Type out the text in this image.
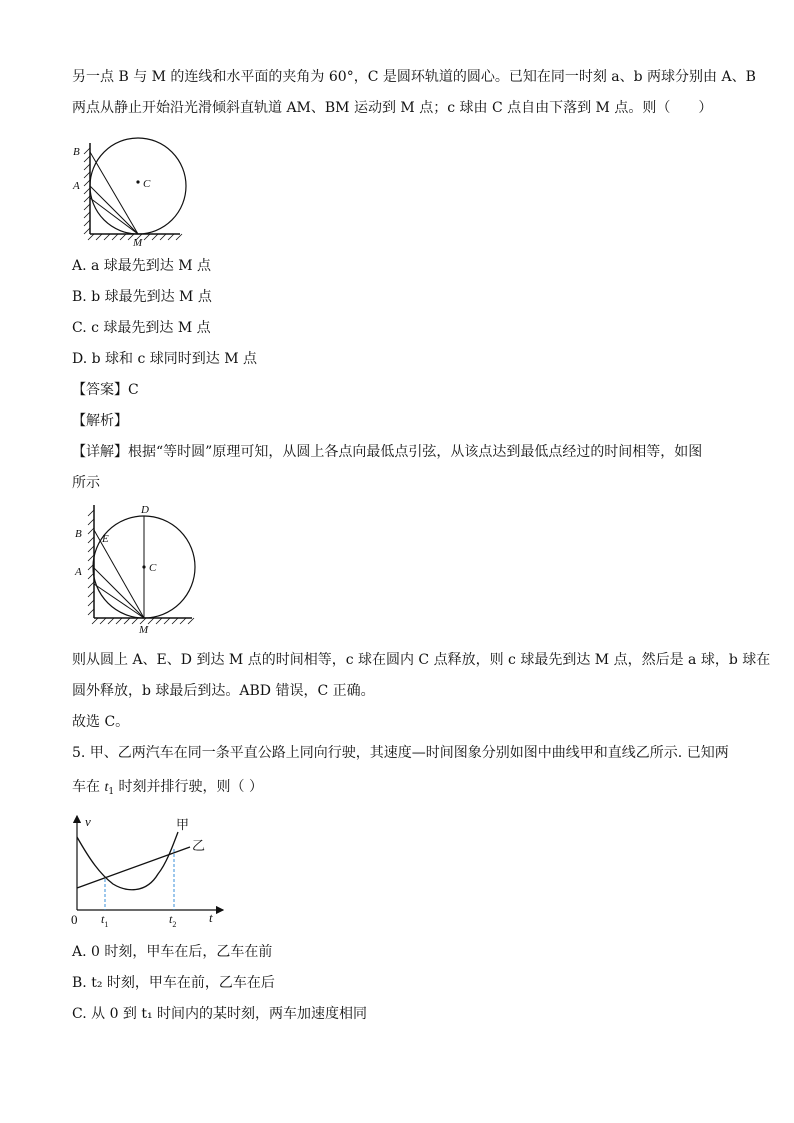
另一点 B 与 M 的连线和水平面的夹角为 60°，C 是圆环轨道的圆心。已知在同一时刻 a、b 两球分别由 A、B
两点从静止开始沿光滑倾斜直轨道 AM、BM 运动到 M 点；c 球由 C 点自由下落到 M 点。则（　　）
B
A	C
M
A. a 球最先到达 M 点
B. b 球最先到达 M 点
C. c 球最先到达 M 点
D. b 球和 c 球同时到达 M 点
【答案】C
【解析】
【详解】根据“等时圆”原理可知，从圆上各点向最低点引弦，从该点达到最低点经过的时间相等，如图
所示
D
B E
A	C
M
则从圆上 A、E、D 到达 M 点的时间相等，c 球在圆内 C 点释放，则 c 球最先到达 M 点，然后是 a 球，b 球在
圆外释放，b 球最后到达。ABD 错误，C 正确。
故选 C。
5. 甲、乙两汽车在同一条平直公路上同向行驶，其速度—时间图象分别如图中曲线甲和直线乙所示. 已知两
车在 $t_1$ 时刻并排行驶，则（ ）
v
t
0 $t_1$	$t_2$
甲
乙
A. 0 时刻，甲车在后，乙车在前
B. t₂ 时刻，甲车在前，乙车在后
C. 从 0 到 t₁ 时间内的某时刻，两车加速度相同
